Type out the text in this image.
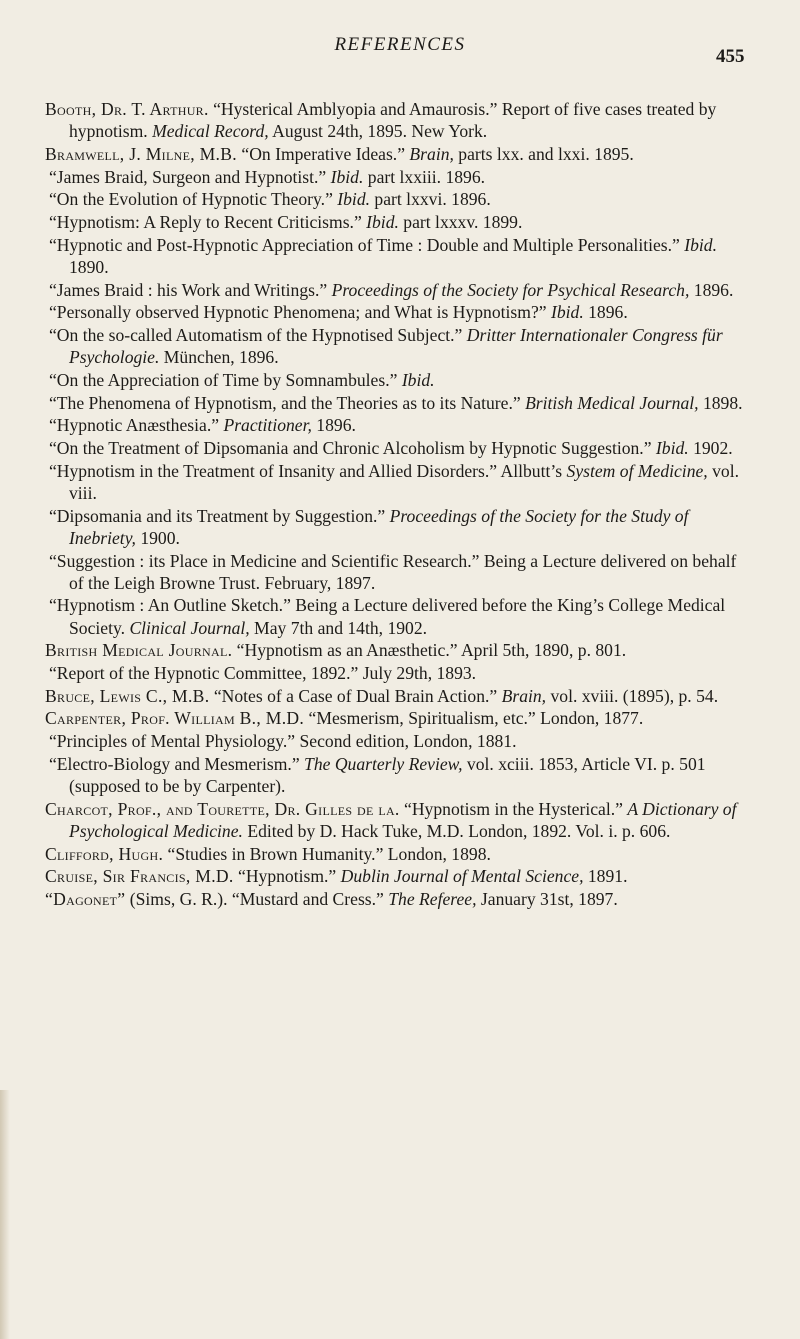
REFERENCES
455
Booth, Dr. T. Arthur. “Hysterical Amblyopia and Amaurosis.” Report of five cases treated by hypnotism. Medical Record, August 24th, 1895. New York.
Bramwell, J. Milne, M.B. “On Imperative Ideas.” Brain, parts lxx. and lxxi. 1895.
“James Braid, Surgeon and Hypnotist.” Ibid. part lxxiii. 1896.
“On the Evolution of Hypnotic Theory.” Ibid. part lxxvi. 1896.
“Hypnotism: A Reply to Recent Criticisms.” Ibid. part lxxxv. 1899.
“Hypnotic and Post-Hypnotic Appreciation of Time : Double and Multiple Personalities.” Ibid. 1890.
“James Braid : his Work and Writings.” Proceedings of the Society for Psychical Research, 1896.
“Personally observed Hypnotic Phenomena; and What is Hypnotism?” Ibid. 1896.
“On the so-called Automatism of the Hypnotised Subject.” Dritter Internationaler Congress für Psychologie. München, 1896.
“On the Appreciation of Time by Somnambules.” Ibid.
“The Phenomena of Hypnotism, and the Theories as to its Nature.” British Medical Journal, 1898.
“Hypnotic Anæsthesia.” Practitioner, 1896.
“On the Treatment of Dipsomania and Chronic Alcoholism by Hypnotic Suggestion.” Ibid. 1902.
“Hypnotism in the Treatment of Insanity and Allied Disorders.” Allbutt’s System of Medicine, vol. viii.
“Dipsomania and its Treatment by Suggestion.” Proceedings of the Society for the Study of Inebriety, 1900.
“Suggestion : its Place in Medicine and Scientific Research.” Being a Lecture delivered on behalf of the Leigh Browne Trust. February, 1897.
“Hypnotism : An Outline Sketch.” Being a Lecture delivered before the King’s College Medical Society. Clinical Journal, May 7th and 14th, 1902.
British Medical Journal. “Hypnotism as an Anæsthetic.” April 5th, 1890, p. 801.
“Report of the Hypnotic Committee, 1892.” July 29th, 1893.
Bruce, Lewis C., M.B. “Notes of a Case of Dual Brain Action.” Brain, vol. xviii. (1895), p. 54.
Carpenter, Prof. William B., M.D. “Mesmerism, Spiritualism, etc.” London, 1877.
“Principles of Mental Physiology.” Second edition, London, 1881.
“Electro-Biology and Mesmerism.” The Quarterly Review, vol. xciii. 1853, Article VI. p. 501 (supposed to be by Carpenter).
Charcot, Prof., and Tourette, Dr. Gilles de la. “Hypnotism in the Hysterical.” A Dictionary of Psychological Medicine. Edited by D. Hack Tuke, M.D. London, 1892. Vol. i. p. 606.
Clifford, Hugh. “Studies in Brown Humanity.” London, 1898.
Cruise, Sir Francis, M.D. “Hypnotism.” Dublin Journal of Mental Science, 1891.
“Dagonet” (Sims, G. R.). “Mustard and Cress.” The Referee, January 31st, 1897.
